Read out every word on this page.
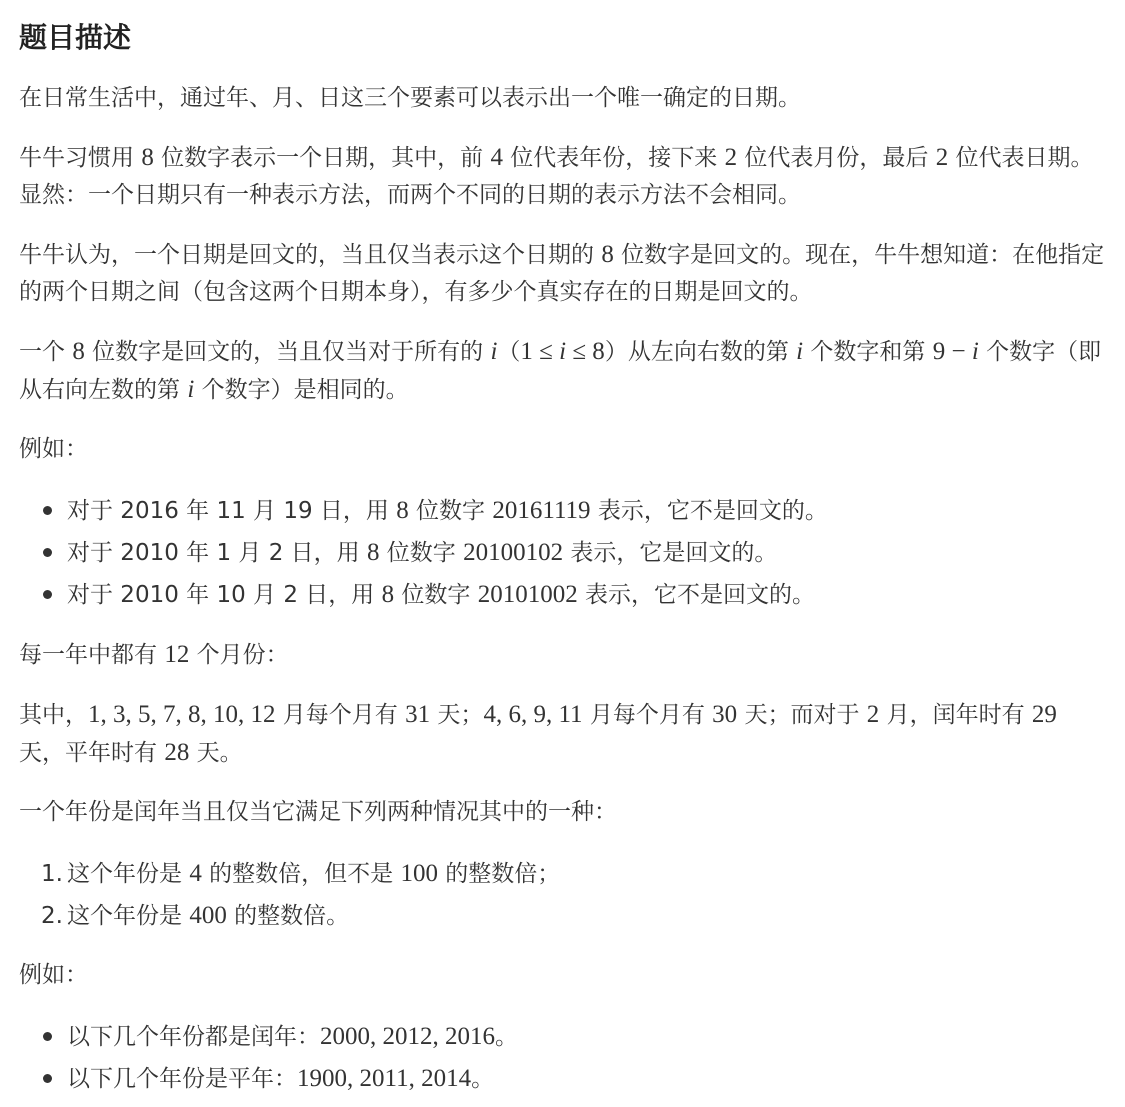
题目描述

在日常生活中，通过年、月、日这三个要素可以表示出一个唯一确定的日期。

牛牛习惯用 8 位数字表示一个日期，其中，前 4 位代表年份，接下来 2 位代表月份，最后 2 位代表日期。显然：一个日期只有一种表示方法，而两个不同的日期的表示方法不会相同。

牛牛认为，一个日期是回文的，当且仅当表示这个日期的 8 位数字是回文的。现在，牛牛想知道：在他指定的两个日期之间（包含这两个日期本身），有多少个真实存在的日期是回文的。

一个 8 位数字是回文的，当且仅当对于所有的 i（1 ≤ i ≤ 8）从左向右数的第 i 个数字和第 9 − i 个数字（即从右向左数的第 i 个数字）是相同的。

例如：

对于 2016 年 11 月 19 日，用 8 位数字 20161119 表示，它不是回文的。
对于 2010 年 1 月 2 日，用 8 位数字 20100102 表示，它是回文的。
对于 2010 年 10 月 2 日，用 8 位数字 20101002 表示，它不是回文的。

每一年中都有 12 个月份：

其中，1, 3, 5, 7, 8, 10, 12 月每个月有 31 天；4, 6, 9, 11 月每个月有 30 天；而对于 2 月，闰年时有 29 天，平年时有 28 天。

一个年份是闰年当且仅当它满足下列两种情况其中的一种：

1. 这个年份是 4 的整数倍，但不是 100 的整数倍；
2. 这个年份是 400 的整数倍。

例如：

以下几个年份都是闰年：2000, 2012, 2016。
以下几个年份是平年：1900, 2011, 2014。
